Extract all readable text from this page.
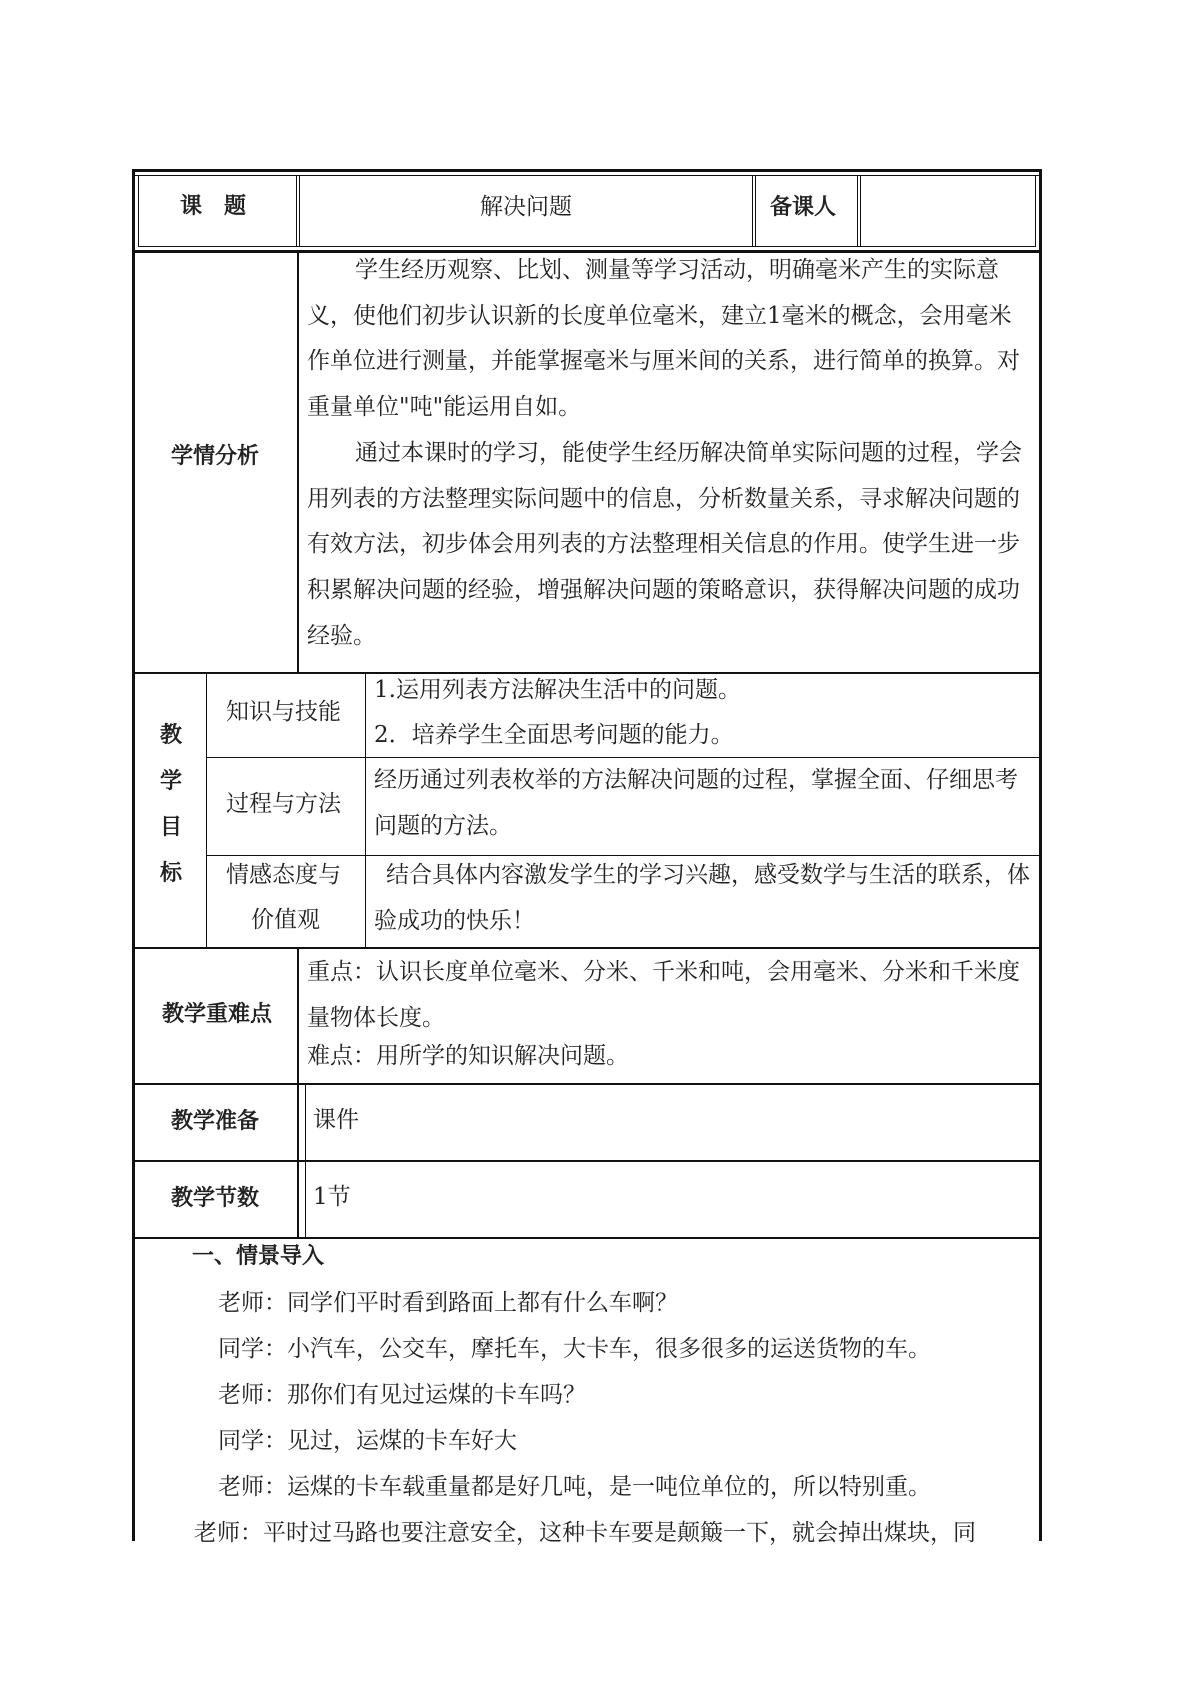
课　题	解决问题	备课人
学情分析
学生经历观察、比划、测量等学习活动，明确毫米产生的实际意义，使他们初步认识新的长度单位毫米，建立1毫米的概念，会用毫米作单位进行测量，并能掌握毫米与厘米间的关系，进行简单的换算。对重量单位"吨"能运用自如。
通过本课时的学习，能使学生经历解决简单实际问题的过程，学会用列表的方法整理实际问题中的信息，分析数量关系，寻求解决问题的有效方法，初步体会用列表的方法整理相关信息的作用。使学生进一步积累解决问题的经验，增强解决问题的策略意识，获得解决问题的成功经验。
教
学
目
标
知识与技能
1.运用列表方法解决生活中的问题。
2．培养学生全面思考问题的能力。
过程与方法
经历通过列表枚举的方法解决问题的过程，掌握全面、仔细思考问题的方法。
情感态度与
价值观
结合具体内容激发学生的学习兴趣，感受数学与生活的联系，体验成功的快乐！
教学重难点
重点：认识长度单位毫米、分米、千米和吨，会用毫米、分米和千米度量物体长度。
难点：用所学的知识解决问题。
教学准备 课件
教学节数 1节
一、情景导入
老师：同学们平时看到路面上都有什么车啊？
同学：小汽车，公交车，摩托车，大卡车，很多很多的运送货物的车。
老师：那你们有见过运煤的卡车吗？
同学：见过，运煤的卡车好大
老师：运煤的卡车载重量都是好几吨，是一吨位单位的，所以特别重。
老师：平时过马路也要注意安全，这种卡车要是颠簸一下，就会掉出煤块，同
